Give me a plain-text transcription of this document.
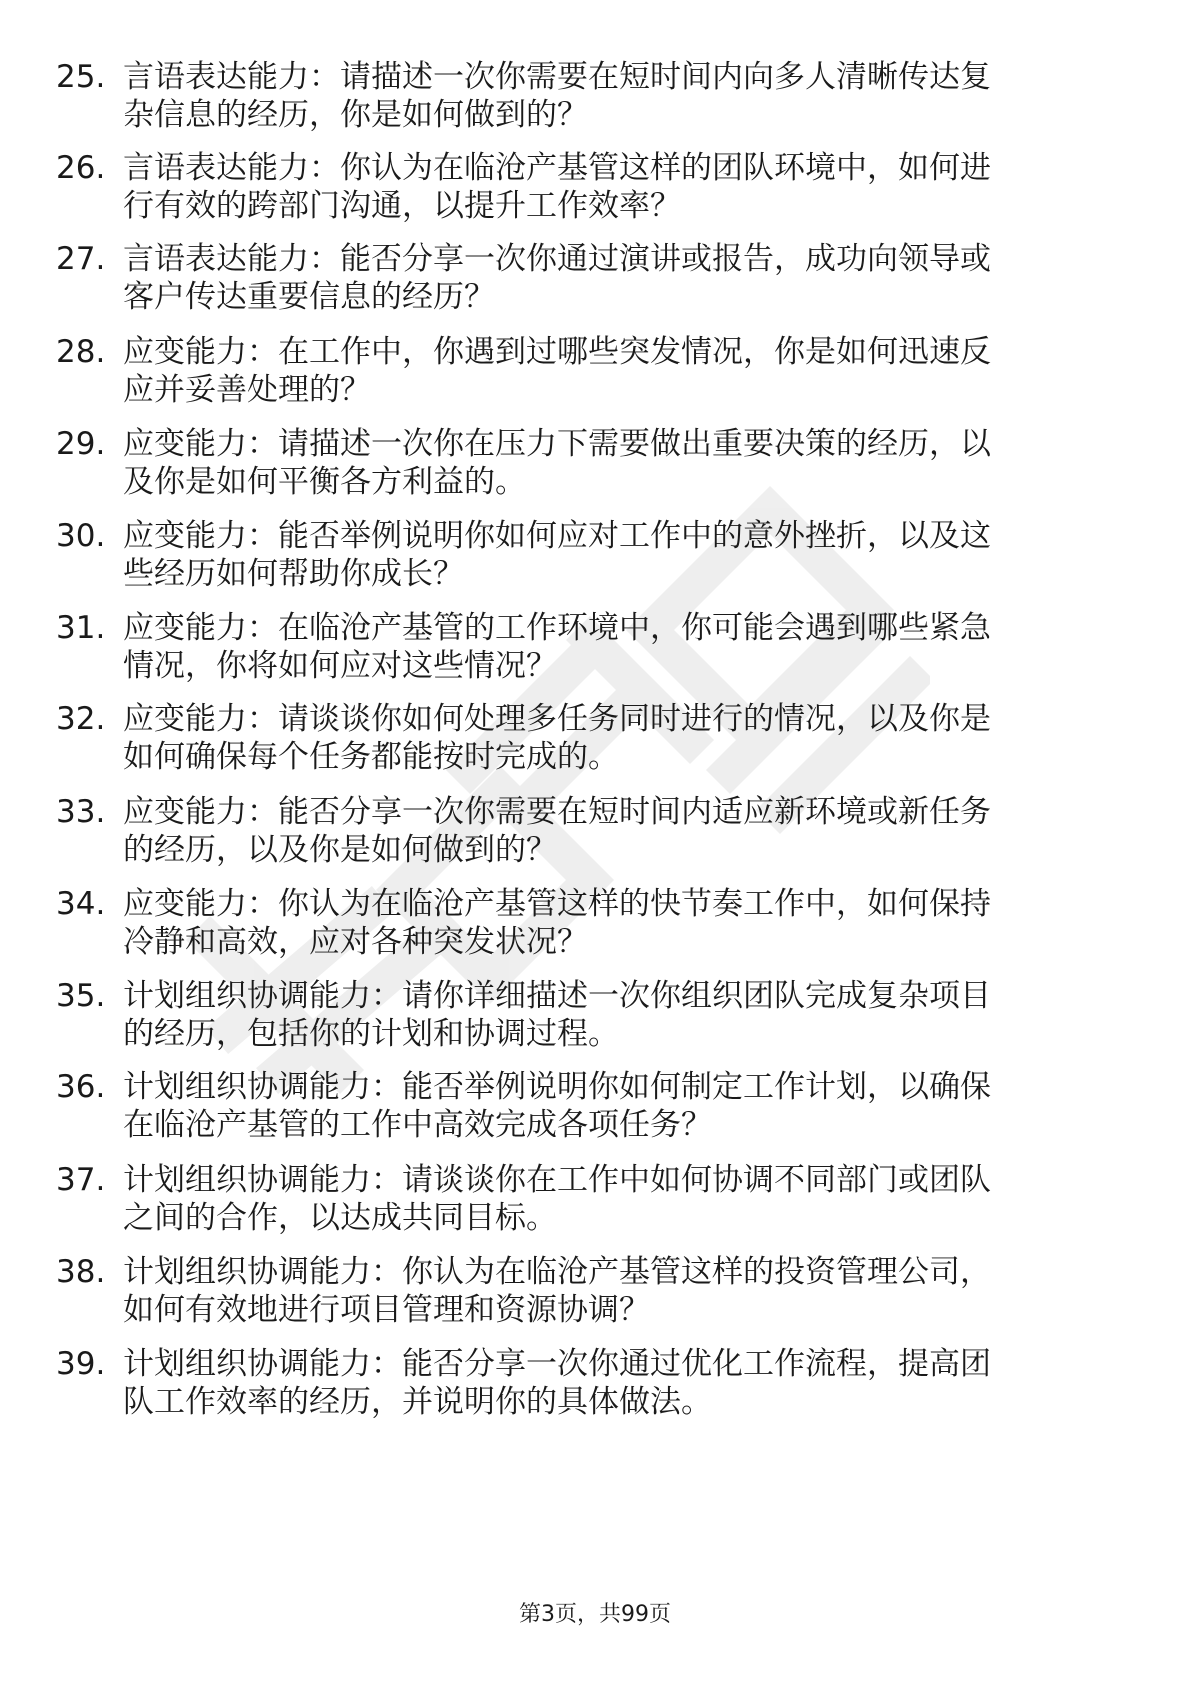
25. 言语表达能力：请描述一次你需要在短时间内向多人清晰传达复
杂信息的经历，你是如何做到的？
26. 言语表达能力：你认为在临沧产基管这样的团队环境中，如何进
行有效的跨部门沟通，以提升工作效率？
27. 言语表达能力：能否分享一次你通过演讲或报告，成功向领导或
客户传达重要信息的经历？
28. 应变能力：在工作中，你遇到过哪些突发情况，你是如何迅速反
应并妥善处理的？
29. 应变能力：请描述一次你在压力下需要做出重要决策的经历，以
及你是如何平衡各方利益的。
30. 应变能力：能否举例说明你如何应对工作中的意外挫折，以及这
些经历如何帮助你成长？
31. 应变能力：在临沧产基管的工作环境中，你可能会遇到哪些紧急
情况，你将如何应对这些情况？
32. 应变能力：请谈谈你如何处理多任务同时进行的情况，以及你是
如何确保每个任务都能按时完成的。
33. 应变能力：能否分享一次你需要在短时间内适应新环境或新任务
的经历，以及你是如何做到的？
34. 应变能力：你认为在临沧产基管这样的快节奏工作中，如何保持
冷静和高效，应对各种突发状况？
35. 计划组织协调能力：请你详细描述一次你组织团队完成复杂项目
的经历，包括你的计划和协调过程。
36. 计划组织协调能力：能否举例说明你如何制定工作计划，以确保
在临沧产基管的工作中高效完成各项任务？
37. 计划组织协调能力：请谈谈你在工作中如何协调不同部门或团队
之间的合作，以达成共同目标。
38. 计划组织协调能力：你认为在临沧产基管这样的投资管理公司，
如何有效地进行项目管理和资源协调？
39. 计划组织协调能力：能否分享一次你通过优化工作流程，提高团
队工作效率的经历，并说明你的具体做法。
第3页，共99页
